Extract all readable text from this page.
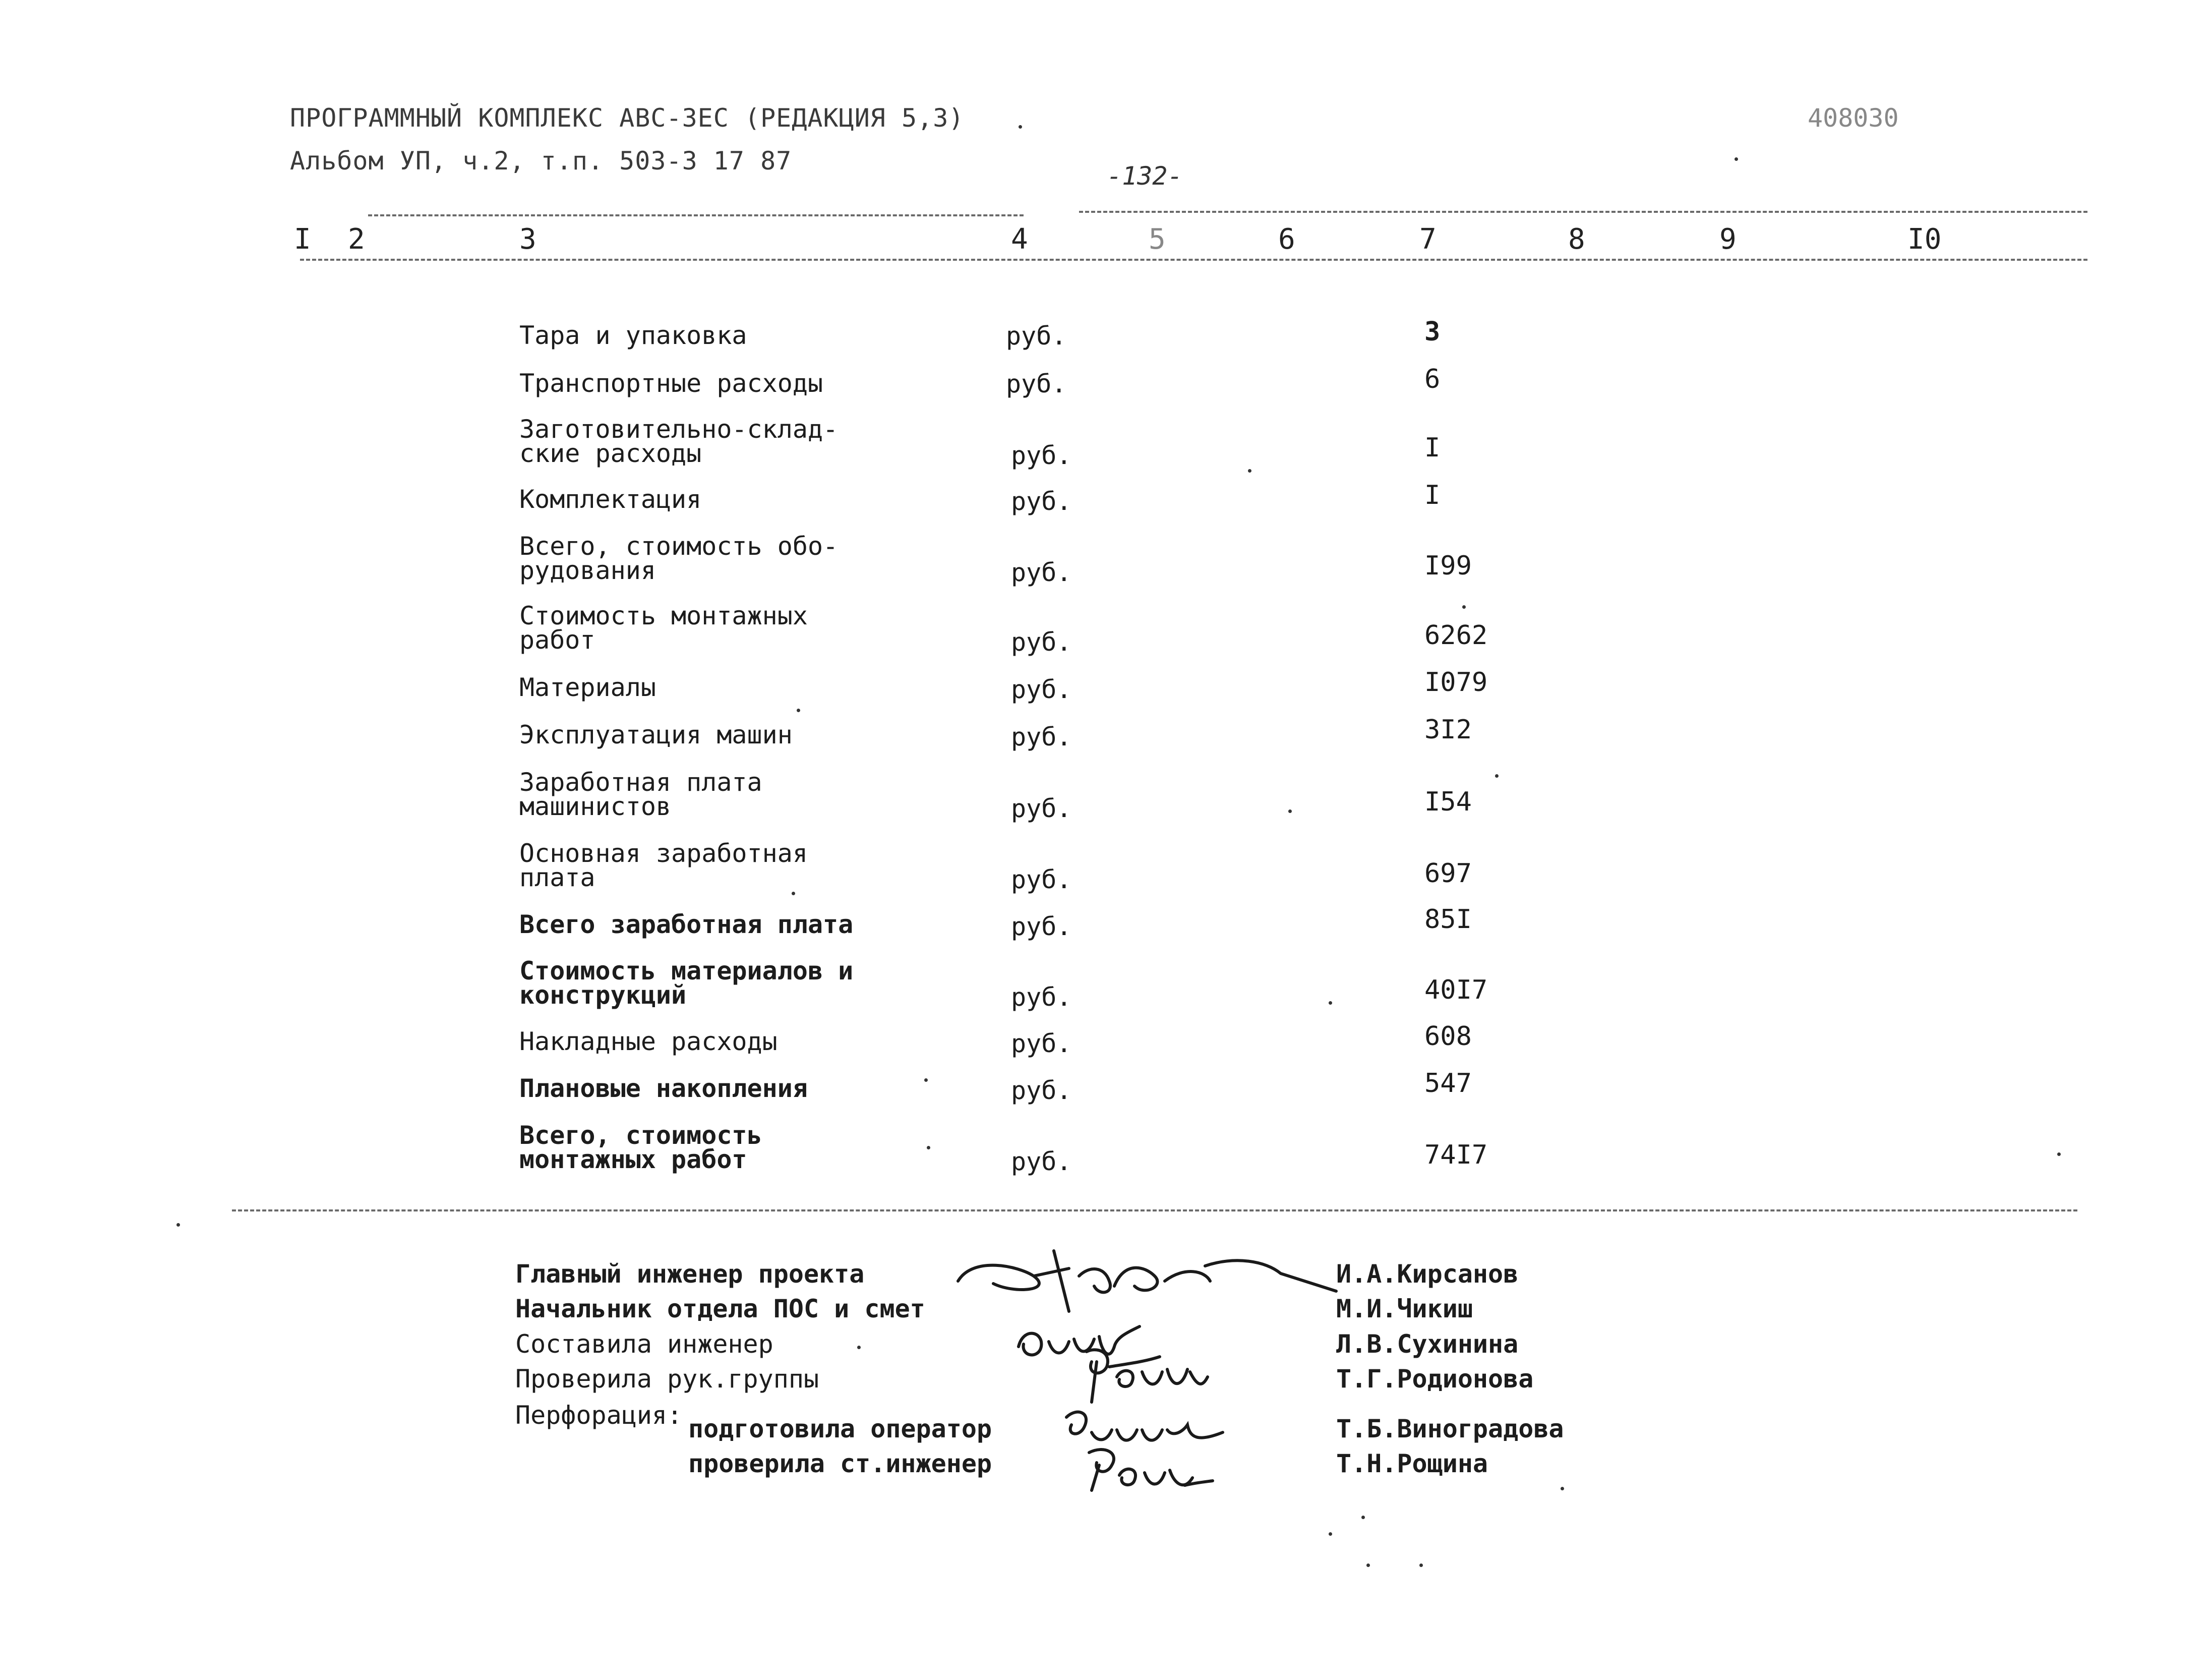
ПРОГРАММНЫЙ КОМПЛЕКС АВС-3ЕС (РЕДАКЦИЯ 5,3)
Альбом УП, ч.2, т.п. 503-3 17 87
-132-
408030
I 2	3	4	5	6	7	8	9	I0
Тара и упаковка	руб.	3
Транспортные расходы	руб.	6
Заготовительно-склад-
ские расходы	руб.	I
Комплектация	руб.	I
Всего, стоимость обо-
рудования	руб.	I99
Стоимость монтажных
работ	руб.	6262
Материалы	руб.	I079
Эксплуатация машин	руб.	3I2
Заработная плата
машинистов	руб.	I54
Основная заработная
плата	руб.	697
Всего заработная плата	руб.	85I
Стоимость материалов и
конструкций	руб.	40I7
Накладные расходы	руб.	608
Плановые накопления	руб.	547
Всего, стоимость
монтажных работ	руб.	74I7
Главный инженер проекта	И.А.Кирсанов
Начальник отдела ПОС и смет	М.И.Чикиш
Составила инженер	Л.В.Сухинина
Проверила рук.группы	Т.Г.Родионова
Перфорация: подготовила оператор	Т.Б.Виноградова
проверила ст.инженер	Т.Н.Рощина
